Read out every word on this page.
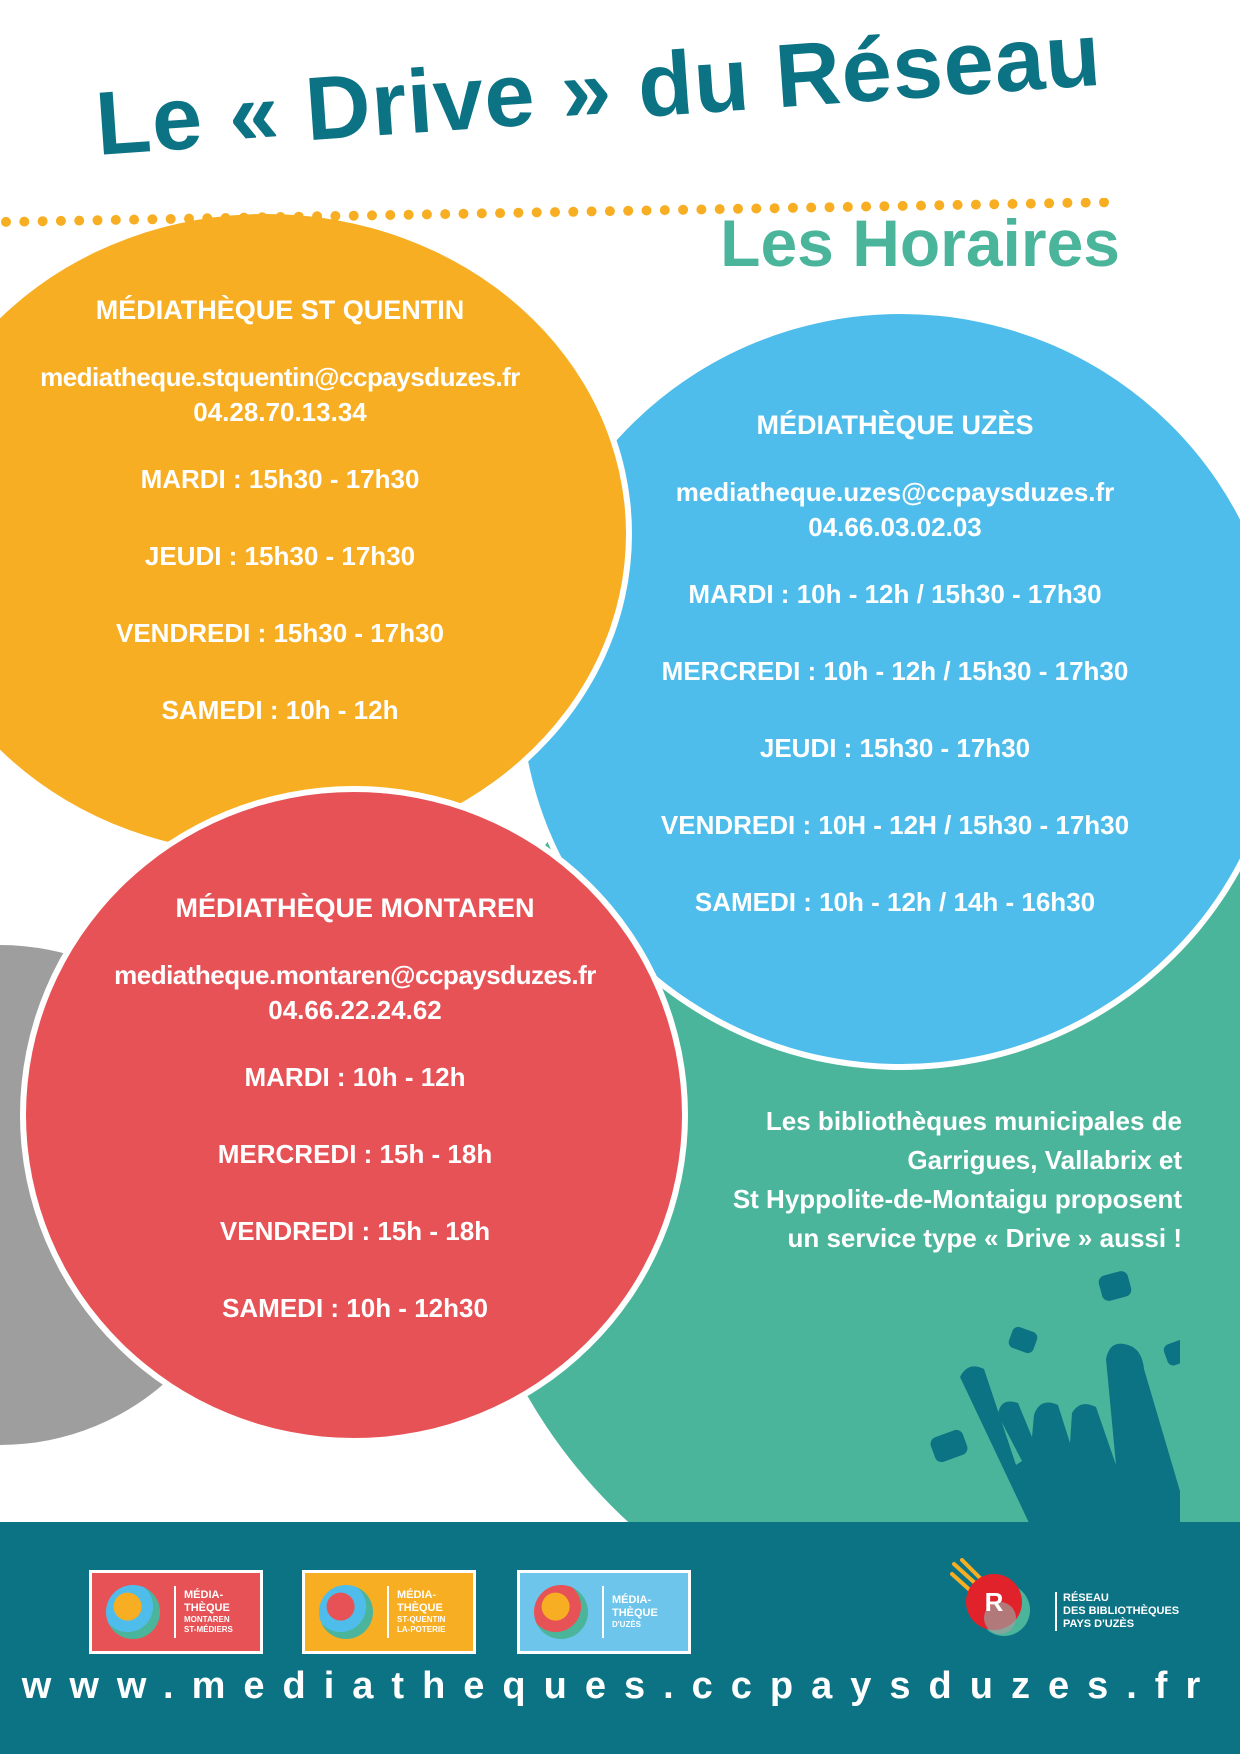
Le « Drive » du Réseau
Les Horaires
MÉDIATHÈQUE ST QUENTIN
mediatheque.stquentin@ccpaysduzes.fr
04.28.70.13.34
MARDI : 15h30 - 17h30
JEUDI : 15h30 - 17h30
VENDREDI : 15h30 - 17h30
SAMEDI : 10h - 12h
MÉDIATHÈQUE UZÈS
mediatheque.uzes@ccpaysduzes.fr
04.66.03.02.03
MARDI : 10h - 12h / 15h30 - 17h30
MERCREDI : 10h - 12h / 15h30 - 17h30
JEUDI : 15h30 - 17h30
VENDREDI : 10H - 12H / 15h30 - 17h30
SAMEDI : 10h - 12h / 14h - 16h30
MÉDIATHÈQUE MONTAREN
mediatheque.montaren@ccpaysduzes.fr
04.66.22.24.62
MARDI : 10h - 12h
MERCREDI : 15h - 18h
VENDREDI : 15h - 18h
SAMEDI : 10h - 12h30
Les bibliothèques municipales de
Garrigues, Vallabrix et
St Hyppolite-de-Montaigu proposent
un service type « Drive » aussi !
MÉDIA-
THÈQUE
MONTAREN
ST-MÉDIERS
MÉDIA-
THÈQUE
ST-QUENTIN
LA-POTERIE
MÉDIA-
THÈQUE
D'UZÈS
R	RÉSEAU
DES BIBLIOTHÈQUES
PAYS D'UZÈS
www.mediatheques.ccpaysduzes.fr
